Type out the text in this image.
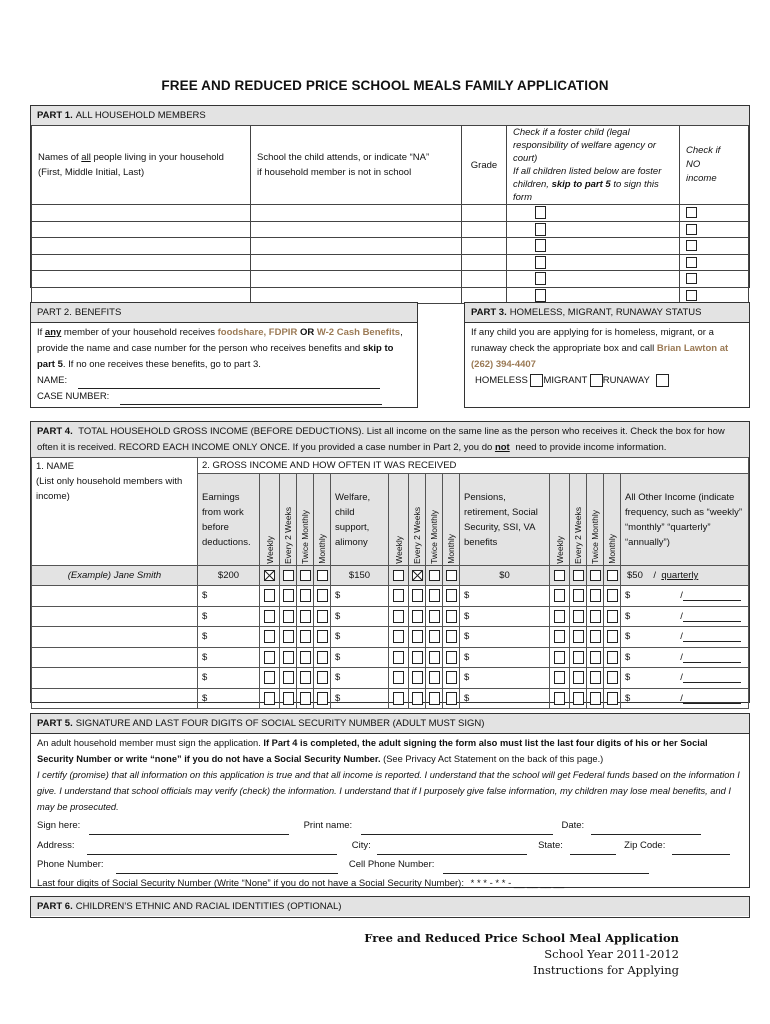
FREE AND REDUCED PRICE SCHOOL MEALS FAMILY APPLICATION
PART 1. ALL HOUSEHOLD MEMBERS
Names of all people living in your household
(First, Middle Initial, Last)	School the child attends, or indicate “NA”
if household member is not in school	Grade	Check if a foster child (legal
responsibility of welfare agency or court)
If all children listed below are foster
children, skip to part 5 to sign this form	Check if
NO
income

PART 2. BENEFITS
If any member of your household receives foodshare, FDPIR OR W-2 Cash Benefits, provide the name and case number for the person who receives benefits and skip to part 5. If no one receives these benefits, go to part 3.
NAME:
CASE NUMBER:
PART 3. HOMELESS, MIGRANT, RUNAWAY STATUS
If any child you are applying for is homeless, migrant, or a runaway check the appropriate box and call Brian Lawton at (262) 394-4407
HOMELESS MIGRANT RUNAWAY
PART 4. TOTAL HOUSEHOLD GROSS INCOME (BEFORE DEDUCTIONS). List all income on the same line as the person who receives it. Check the box for how often it is received. RECORD EACH INCOME ONLY ONCE. If you provided a case number in Part 2, you do not need to provide income information.
1. NAME
(List only household members with income)	2. GROSS INCOME AND HOW OFTEN IT WAS RECEIVED															
	Earnings from work before deductions.	Weekly	Every 2 Weeks	Twice Monthly	Monthly	Welfare, child support, alimony	Weekly	Every 2 Weeks	Twice Monthly	Monthly	Pensions, retirement, Social Security, SSI, VA benefits	Weekly	Every 2 Weeks	Twice Monthly	Monthly	All Other Income (indicate frequency, such as “weekly” “monthly” “quarterly” “annually”)
(Example) Jane Smith	$200					$150					$0					$50 / quarterly
	$					$					$					$ /
	$					$					$					$ /
	$					$					$					$ /
	$					$					$					$ /
	$					$					$					$ /
	$					$					$					$ /
PART 5. SIGNATURE AND LAST FOUR DIGITS OF SOCIAL SECURITY NUMBER (ADULT MUST SIGN)
An adult household member must sign the application. If Part 4 is completed, the adult signing the form also must list the last four digits of his or her Social Security Number or write “none” if you do not have a Social Security Number. (See Privacy Act Statement on the back of this page.)
I certify (promise) that all information on this application is true and that all income is reported. I understand that the school will get Federal funds based on the information I give. I understand that school officials may verify (check) the information. I understand that if I purposely give false information, my children may lose meal benefits, and I may be prosecuted.
Sign here:	Print name:	Date:
Address:	City:	State:	Zip Code:
Phone Number:	Cell Phone Number:
Last four digits of Social Security Number (Write “None” if you do not have a Social Security Number): * * * - * * - __ __ __ __
PART 6. CHILDREN’S ETHNIC AND RACIAL IDENTITIES (OPTIONAL)
Free and Reduced Price School Meal Application
School Year 2011-2012
Instructions for Applying
